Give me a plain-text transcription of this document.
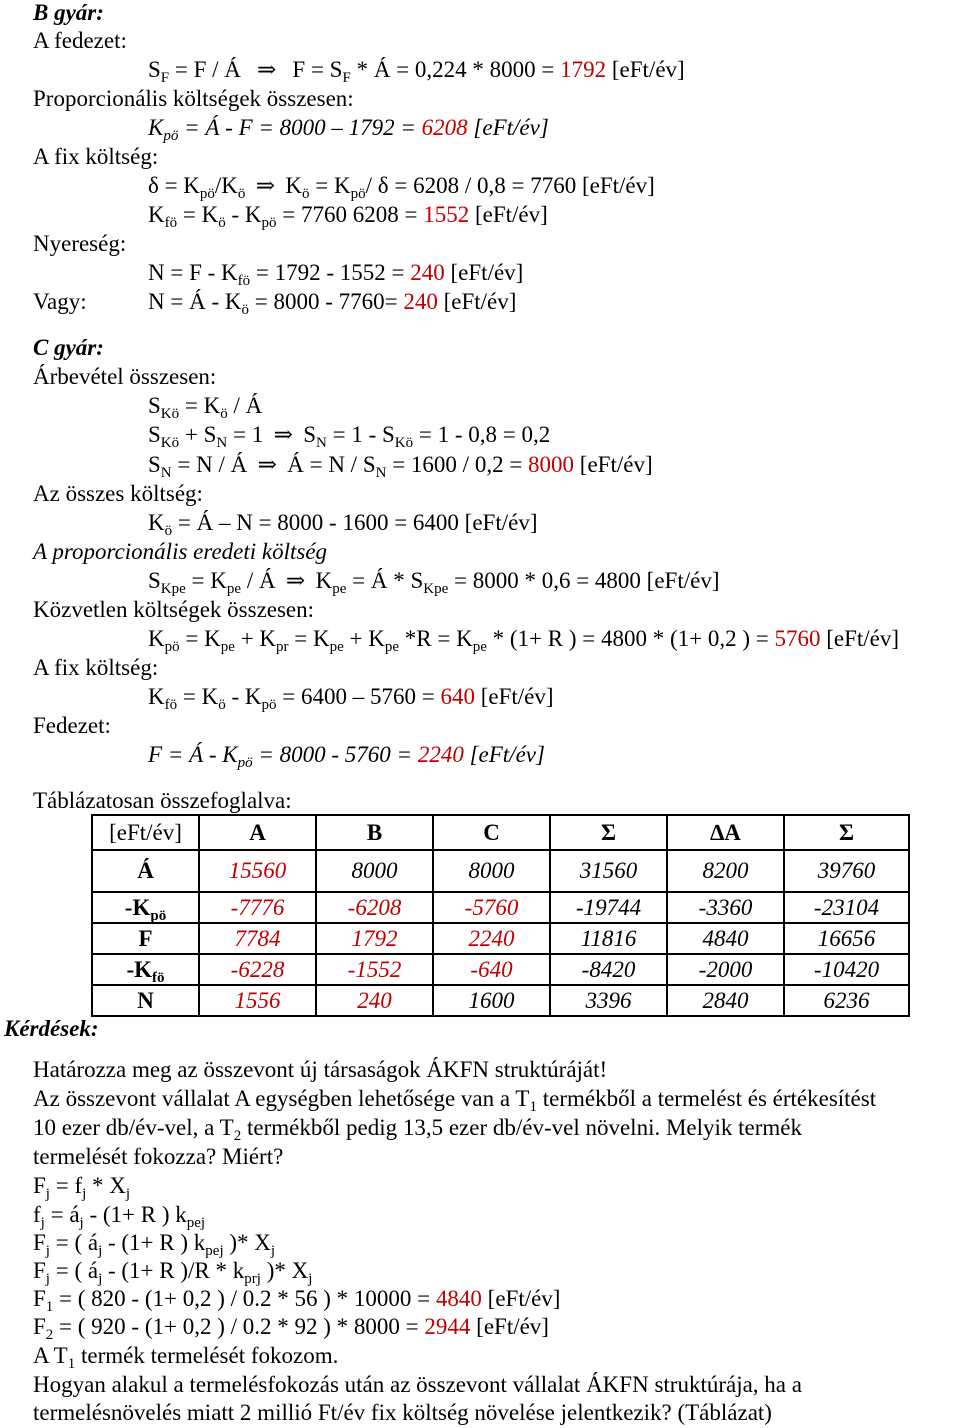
B gyár:
A fedezet:
$S_F = F$ / Á ⇒ $F = S_F$ * Á = 0,224 * 8000 = 1792 [eFt/év]
Proporcionális költségek összesen:
$K_{pö}$ = Á - F = 8000 – 1792 = 6208 [eFt/év]
A fix költség:
$\delta = K_{pö}/K_ö$ ⇒ $K_ö = K_{pö}/$ δ = 6208 / 0,8 = 7760 [eFt/év]
$K_{fö} = K_ö - K_{pö} = 7760$ 6208 = 1552 [eFt/év]
Nyereség:
$N = F - K_{fö} = 1792 - 1552 = 240$ [eFt/év]
Vagy:	N = Á - $K_ö = 8000 - 7760= 240$ [eFt/év]
C gyár:
Árbevétel összesen:
$S_{Kö} = K_ö$ / Á
$S_{Kö} + S_N = 1$ ⇒ $S_N = 1 - S_{Kö} = 1 - 0,8 = 0,2$
$S_N = N$ / Á ⇒ Á = $N / S_N = 1600 / 0,2 = 8000$ [eFt/év]
Az összes költség:
$K_ö$ = Á – N = 8000 - 1600 = 6400 [eFt/év]
A proporcionális eredeti költség
$S_{Kpe} = K_{pe}$ / Á ⇒ $K_{pe}$ = Á * $S_{Kpe} = 8000 * 0,6 = 4800$ [eFt/év]
Közvetlen költségek összesen:
$K_{pö} = K_{pe} + K_{pr} = K_{pe} + K_{pe}$ $*R = K_{pe} * (1+ R$ ) = 4800 * (1+ 0,2 ) = 5760 [eFt/év]
A fix költség:
$K_{fö} = K_ö - K_{pö} = 6400 - 5760 = 640$ [eFt/év]
Fedezet:
F = Á - $K_{pö} = 8000 - 5760 = 2240$ [eFt/év]
Táblázatosan összefoglalva:
[eFt/év]	A	B	C	Σ	∆A	Σ
Á	15560	8000	8000	31560	8200	39760
$-K_{pö}$	-7776	-6208	-5760	-19744	-3360	-23104
F	7784	1792	2240	11816	4840	16656
$-K_{fö}$	-6228	-1552	-640	-8420	-2000	-10420
N	1556	240	1600	3396	2840	6236
Kérdések:
Határozza meg az összevont új társaságok ÁKFN struktúráját!
Az összevont vállalat A egységben lehetősége van a $T_1$ termékből a termelést és értékesítést
10 ezer db/év-vel, a $T_2$ termékből pedig 13,5 ezer db/év-vel növelni. Melyik termék
termelését fokozza? Miért?
$F_j = f_j * X_j$
$f_j$ = $á_j - (1+ R$ ) $k_{pej}$
$F_j$ = ( $á_j - (1+ R$ ) $k_{pej}$ )* $X_j$
$F_j$ = ( $á_j - (1+ R$ )$/R * k_{prj}$ )* $X_j$
$F_1$ = ( 820 - (1+ 0,2 ) / 0.2 * 56 ) * 10000 = 4840 [eFt/év]
$F_2$ = ( 920 - (1+ 0,2 ) / 0.2 * 92 ) * 8000 = 2944 [eFt/év]
A $T_1$ termék termelését fokozom.
Hogyan alakul a termelésfokozás után az összevont vállalat ÁKFN struktúrája, ha a
termelésnövelés miatt 2 millió Ft/év fix költség növelése jelentkezik? (Táblázat)
